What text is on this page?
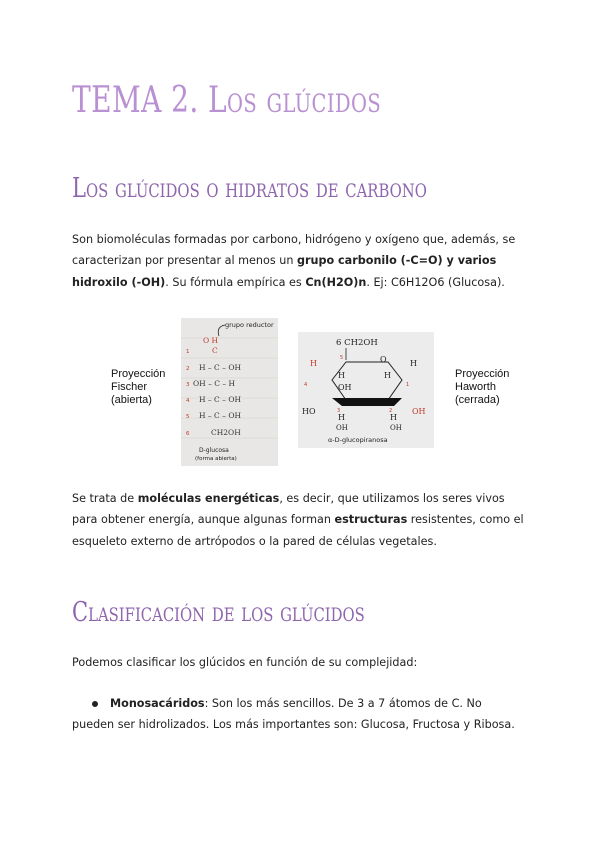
TEMA 2. Los glúcidos
Los glúcidos o hidratos de carbono
Son biomoléculas formadas por carbono, hidrógeno y oxígeno que, además, se caracterizan por presentar al menos un grupo carbonilo (-C=O) y varios hidroxilo (-OH). Su fórmula empírica es Cn(H2O)n. Ej: C6H12O6 (Glucosa).
Proyección
Fischer
(abierta)
Proyección
Haworth
(cerrada)
grupo reductor
O H
C
H – C – OH
OH – C – H
H – C – OH
H – C – OH
CH2OH
1
2
3
4
5
6
D-glucosa
(forma abierta)
6 CH2OH
O
H
5
H
4
H
OH
H
1
HO
H
3	2
H
OH	OH
OH
α-D-glucopiranosa
Se trata de moléculas energéticas, es decir, que utilizamos los seres vivos para obtener energía, aunque algunas forman estructuras resistentes, como el esqueleto externo de artrópodos o la pared de células vegetales.
Clasificación de los glúcidos
Podemos clasificar los glúcidos en función de su complejidad:
Monosacáridos: Son los más sencillos. De 3 a 7 átomos de C. No pueden ser hidrolizados. Los más importantes son: Glucosa, Fructosa y Ribosa.
